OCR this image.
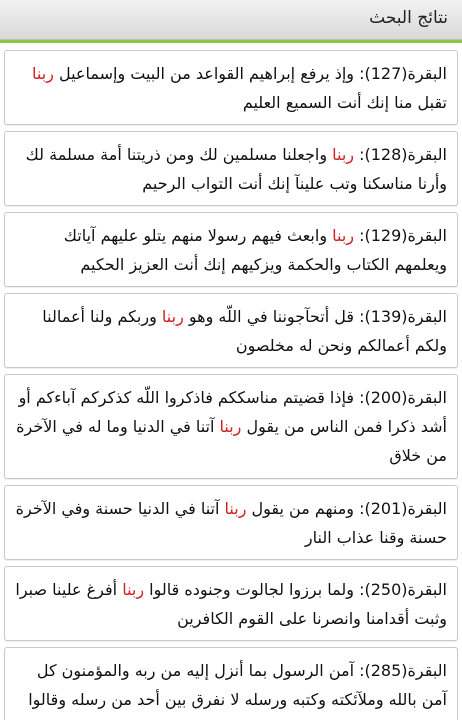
نتائج البحث
البقرة(127): وإذ يرفع إبراهيم القواعد من البيت وإسماعيل ربنا تقبل منا إنك أنت السميع العليم
البقرة(128): ربنا واجعلنا مسلمين لك ومن ذريتنا أمة مسلمة لك وأرنا مناسكنا وتب علينآ إنك أنت التواب الرحيم
البقرة(129): ربنا وابعث فيهم رسولا منهم يتلو عليهم آياتك ويعلمهم الكتاب والحكمة ويزكيهم إنك أنت العزيز الحكيم
البقرة(139): قل أتحآجوننا في اللّه وهو ربنا وربكم ولنا أعمالنا ولكم أعمالكم ونحن له مخلصون
البقرة(200): فإذا قضيتم مناسككم فاذكروا اللّه كذكركم آباءكم أو أشد ذكرا فمن الناس من يقول ربنا آتنا في الدنيا وما له في الآخرة من خلاق
البقرة(201): ومنهم من يقول ربنا آتنا في الدنيا حسنة وفي الآخرة حسنة وقنا عذاب النار
البقرة(250): ولما برزوا لجالوت وجنوده قالوا ربنا أفرغ علينا صبرا وثبت أقدامنا وانصرنا على القوم الكافرين
البقرة(285): آمن الرسول بما أنزل إليه من ربه والمؤمنون كل آمن بالله وملآئكته وكتبه ورسله لا نفرق بين أحد من رسله وقالوا
